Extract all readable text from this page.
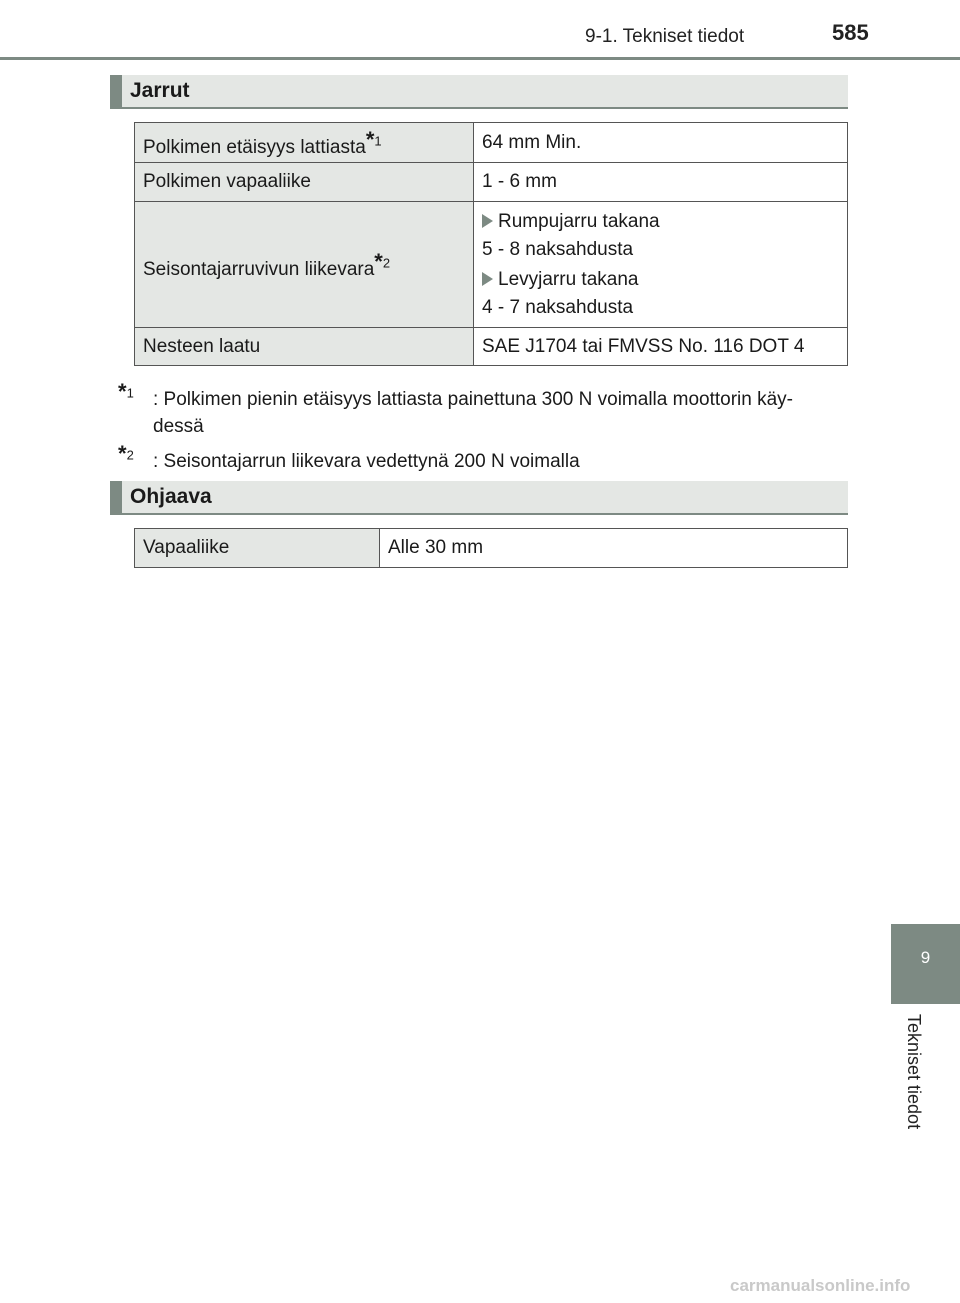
9-1. Tekniset tiedot	585
Jarrut
Polkimen etäisyys lattiasta*$^1$	64 mm Min.
Polkimen vapaaliike	1 - 6 mm
Seisontajarruvivun liikevara*$^2$	Rumpujarru takana
5 - 8 naksahdusta
Levyjarru takana
4 - 7 naksahdusta

Nesteen laatu	SAE J1704 tai FMVSS No. 116 DOT 4
*$^1$ : Polkimen pienin etäisyys lattiasta painettuna 300 N voimalla moottorin käy-
dessä
*$^2$ : Seisontajarrun liikevara vedettynä 200 N voimalla
Ohjaava
Vapaaliike	Alle 30 mm
9
Tekniset tiedot
carmanualsonline.info
